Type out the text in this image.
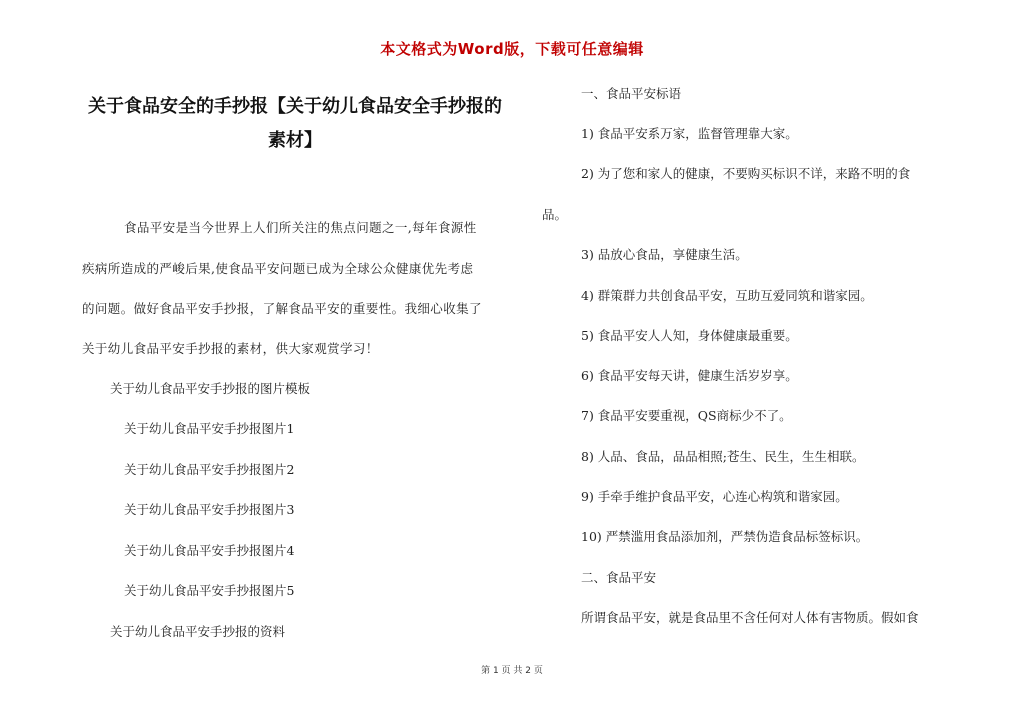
本文格式为Word版，下载可任意编辑
关于食品安全的手抄报【关于幼儿食品安全手抄报的
素材】
食品平安是当今世界上人们所关注的焦点问题之一,每年食源性
疾病所造成的严峻后果,使食品平安问题已成为全球公众健康优先考虑
的问题。做好食品平安手抄报，了解食品平安的重要性。我细心收集了
关于幼儿食品平安手抄报的素材，供大家观赏学习！
关于幼儿食品平安手抄报的图片模板
关于幼儿食品平安手抄报图片1
关于幼儿食品平安手抄报图片2
关于幼儿食品平安手抄报图片3
关于幼儿食品平安手抄报图片4
关于幼儿食品平安手抄报图片5
关于幼儿食品平安手抄报的资料
一、食品平安标语
1) 食品平安系万家，监督管理靠大家。
2) 为了您和家人的健康，不要购买标识不详，来路不明的食
品。
3) 品放心食品，享健康生活。
4) 群策群力共创食品平安，互助互爱同筑和谐家园。
5) 食品平安人人知，身体健康最重要。
6) 食品平安每天讲，健康生活岁岁享。
7) 食品平安要重视，QS商标少不了。
8) 人品、食品，品品相照;苍生、民生，生生相联。
9) 手牵手维护食品平安，心连心构筑和谐家园。
10) 严禁滥用食品添加剂，严禁伪造食品标签标识。
二、食品平安
所谓食品平安，就是食品里不含任何对人体有害物质。假如食
第 1 页 共 2 页
